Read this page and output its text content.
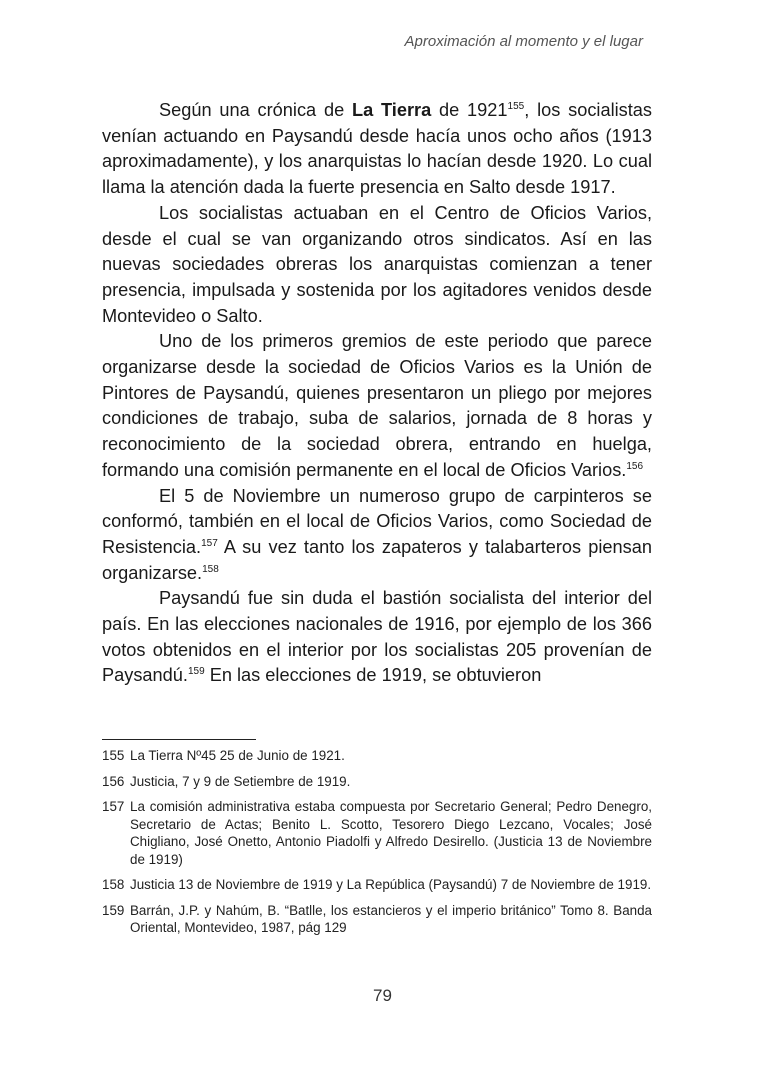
Aproximación al momento y el lugar

Según una crónica de La Tierra de 1921$^{155}$, los socialistas venían actuando en Paysandú desde hacía unos ocho años (1913 aproximadamente), y los anarquistas lo hacían desde 1920. Lo cual llama la atención dada la fuerte presencia en Salto desde 1917.

Los socialistas actuaban en el Centro de Oficios Varios, desde el cual se van organizando otros sindicatos. Así en las nuevas sociedades obreras los anarquistas comienzan a tener presencia, impulsada y sostenida por los agitadores venidos desde Montevideo o Salto.

Uno de los primeros gremios de este periodo que parece organizarse desde la sociedad de Oficios Varios es la Unión de Pintores de Paysandú, quienes presentaron un pliego por mejores condiciones de trabajo, suba de salarios, jornada de 8 horas y reconocimiento de la sociedad obrera, entrando en huelga, formando una comisión permanente en el local de Oficios Varios.$^{156}$

El 5 de Noviembre un numeroso grupo de carpinteros se conformó, también en el local de Oficios Varios, como Sociedad de Resistencia.$^{157}$ A su vez tanto los zapateros y talabarteros piensan organizarse.$^{158}$

Paysandú fue sin duda el bastión socialista del interior del país. En las elecciones nacionales de 1916, por ejemplo de los 366 votos obtenidos en el interior por los socialistas 205 provenían de Paysandú.$^{159}$ En las elecciones de 1919, se obtuvieron

155 La Tierra Nº45 25 de Junio de 1921.
156 Justicia, 7 y 9 de Setiembre de 1919.
157 La comisión administrativa estaba compuesta por Secretario General; Pedro Denegro, Secretario de Actas; Benito L. Scotto, Tesorero Diego Lezcano, Vocales; José Chigliano, José Onetto, Antonio Piadolfi y Alfredo Desirello. (Justicia 13 de Noviembre de 1919)
158 Justicia 13 de Noviembre de 1919 y La República (Paysandú) 7 de Noviembre de 1919.
159 Barrán, J.P. y Nahúm, B. “Batlle, los estancieros y el imperio británico” Tomo 8. Banda Oriental, Montevideo, 1987, pág 129
79
